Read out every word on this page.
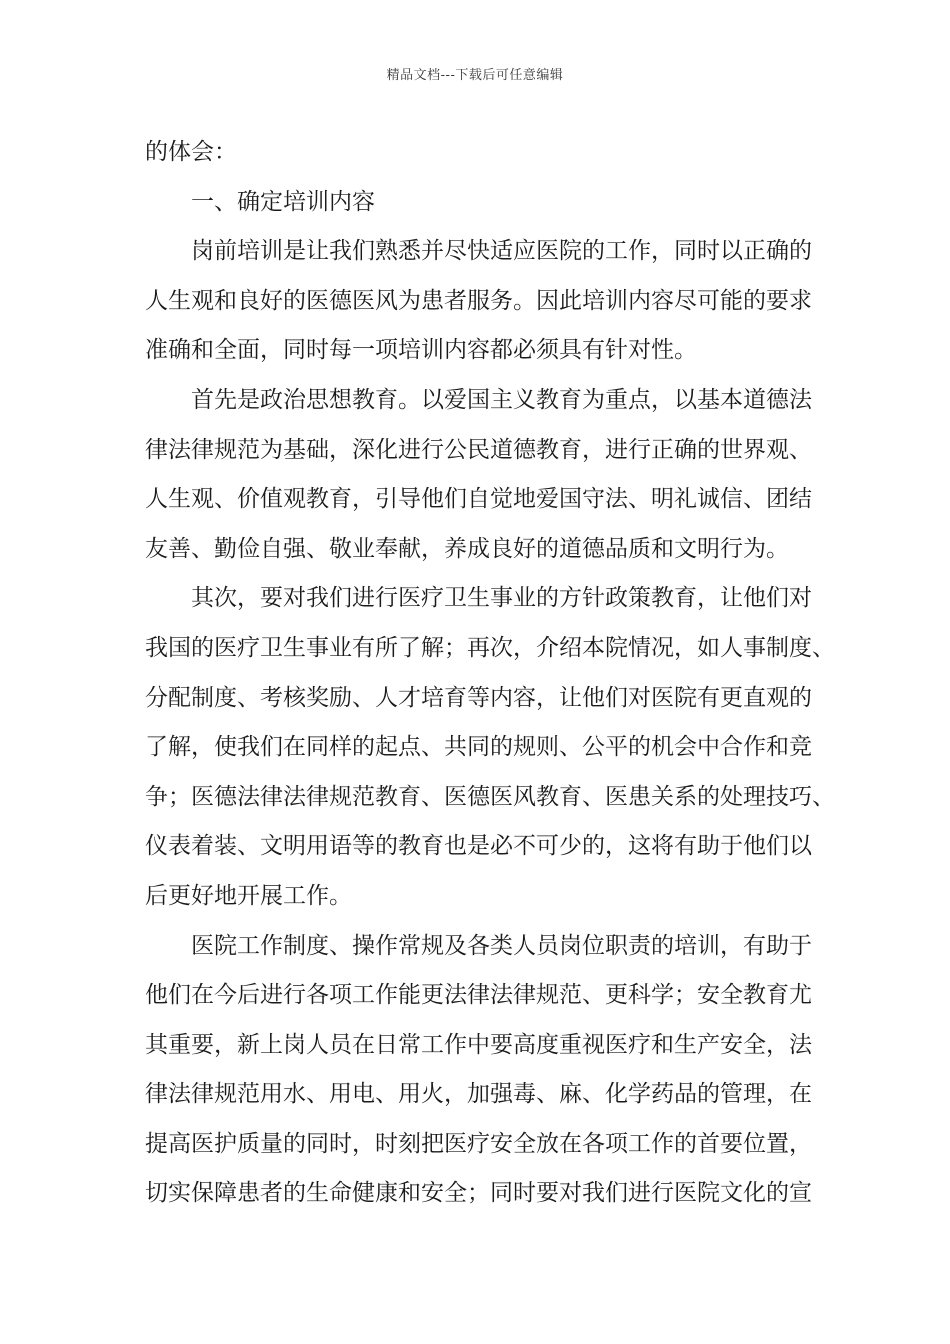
精品文档---下载后可任意编辑
的体会：
一、确定培训内容
岗前培训是让我们熟悉并尽快适应医院的工作，同时以正确的
人生观和良好的医德医风为患者服务。因此培训内容尽可能的要求
准确和全面，同时每一项培训内容都必须具有针对性。
首先是政治思想教育。以爱国主义教育为重点，以基本道德法
律法律规范为基础，深化进行公民道德教育，进行正确的世界观、
人生观、价值观教育，引导他们自觉地爱国守法、明礼诚信、团结
友善、勤俭自强、敬业奉献，养成良好的道德品质和文明行为。
其次，要对我们进行医疗卫生事业的方针政策教育，让他们对
我国的医疗卫生事业有所了解；再次，介绍本院情况，如人事制度、
分配制度、考核奖励、人才培育等内容，让他们对医院有更直观的
了解，使我们在同样的起点、共同的规则、公平的机会中合作和竞
争；医德法律法律规范教育、医德医风教育、医患关系的处理技巧、
仪表着装、文明用语等的教育也是必不可少的，这将有助于他们以
后更好地开展工作。
医院工作制度、操作常规及各类人员岗位职责的培训，有助于
他们在今后进行各项工作能更法律法律规范、更科学；安全教育尤
其重要，新上岗人员在日常工作中要高度重视医疗和生产安全，法
律法律规范用水、用电、用火，加强毒、麻、化学药品的管理，在
提高医护质量的同时，时刻把医疗安全放在各项工作的首要位置，
切实保障患者的生命健康和安全；同时要对我们进行医院文化的宣
